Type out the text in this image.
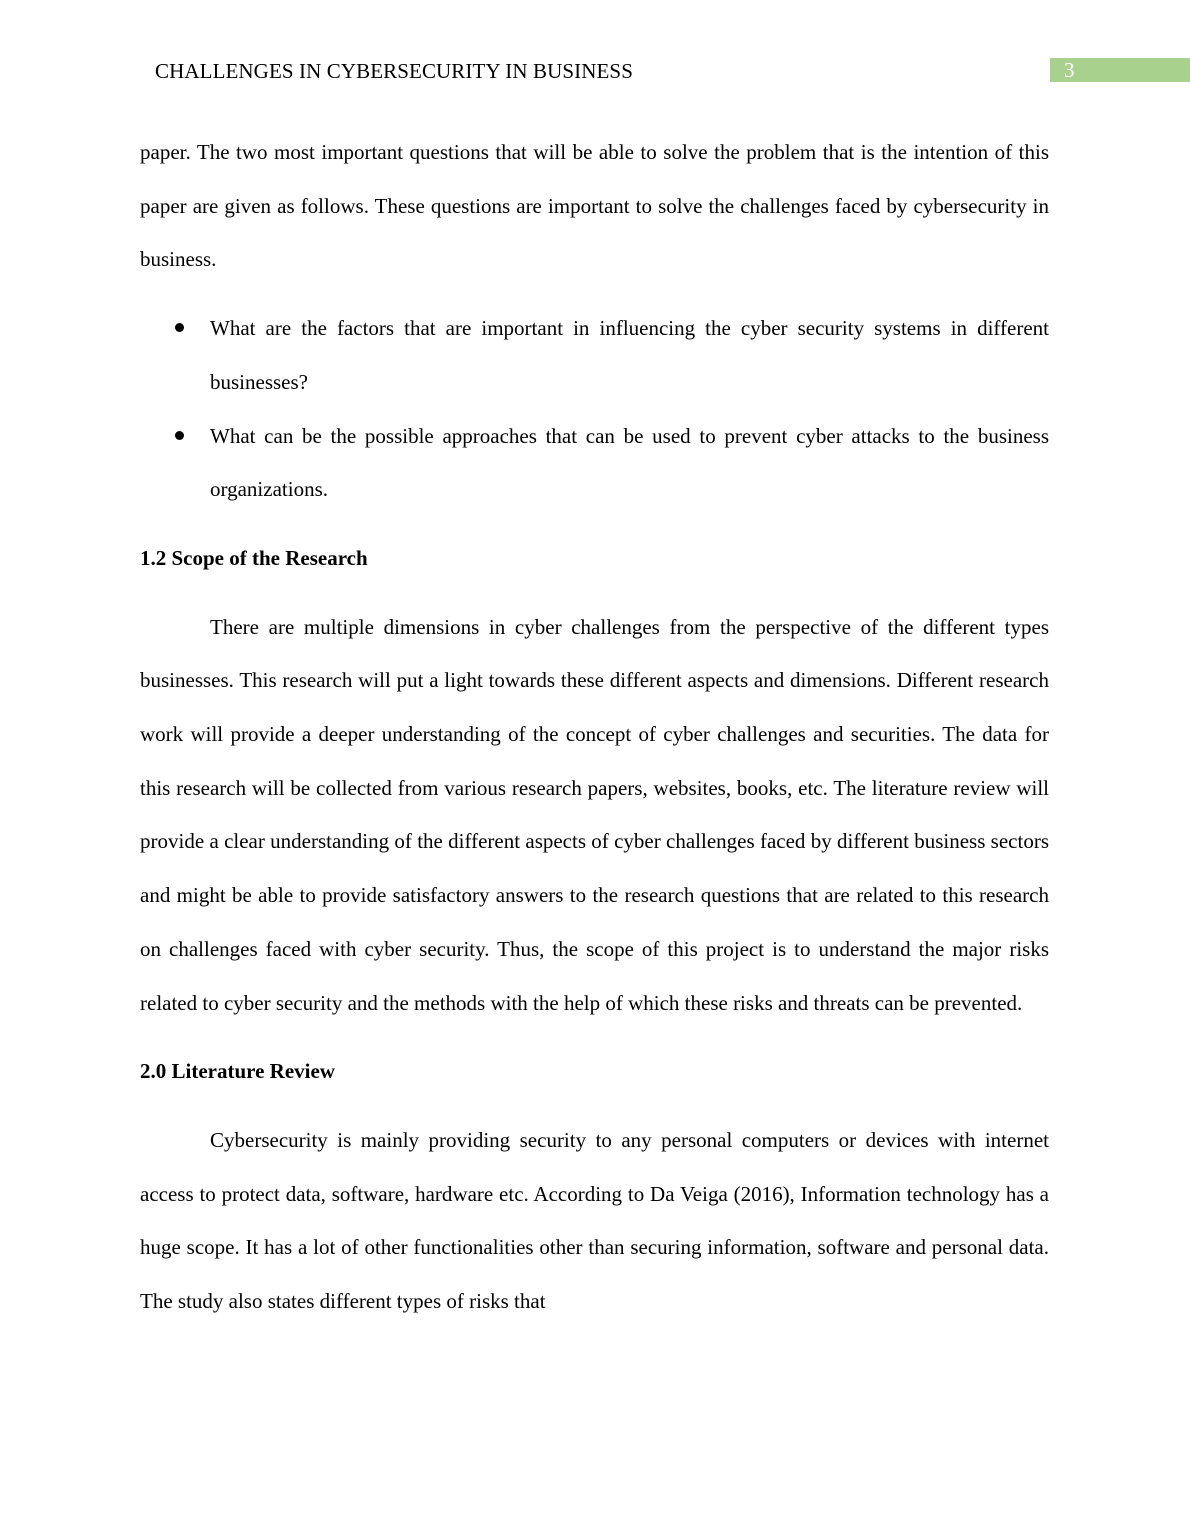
CHALLENGES IN CYBERSECURITY IN BUSINESS	3

paper. The two most important questions that will be able to solve the problem that is the intention of this paper are given as follows. These questions are important to solve the challenges faced by cybersecurity in business.

What are the factors that are important in influencing the cyber security systems in different businesses?
What can be the possible approaches that can be used to prevent cyber attacks to the business organizations.
1.2 Scope of the Research

There are multiple dimensions in cyber challenges from the perspective of the different types businesses. This research will put a light towards these different aspects and dimensions. Different research work will provide a deeper understanding of the concept of cyber challenges and securities. The data for this research will be collected from various research papers, websites, books, etc. The literature review will provide a clear understanding of the different aspects of cyber challenges faced by different business sectors and might be able to provide satisfactory answers to the research questions that are related to this research on challenges faced with cyber security. Thus, the scope of this project is to understand the major risks related to cyber security and the methods with the help of which these risks and threats can be prevented.

2.0 Literature Review

Cybersecurity is mainly providing security to any personal computers or devices with internet access to protect data, software, hardware etc. According to Da Veiga (2016), Information technology has a huge scope. It has a lot of other functionalities other than securing information, software and personal data. The study also states different types of risks that
